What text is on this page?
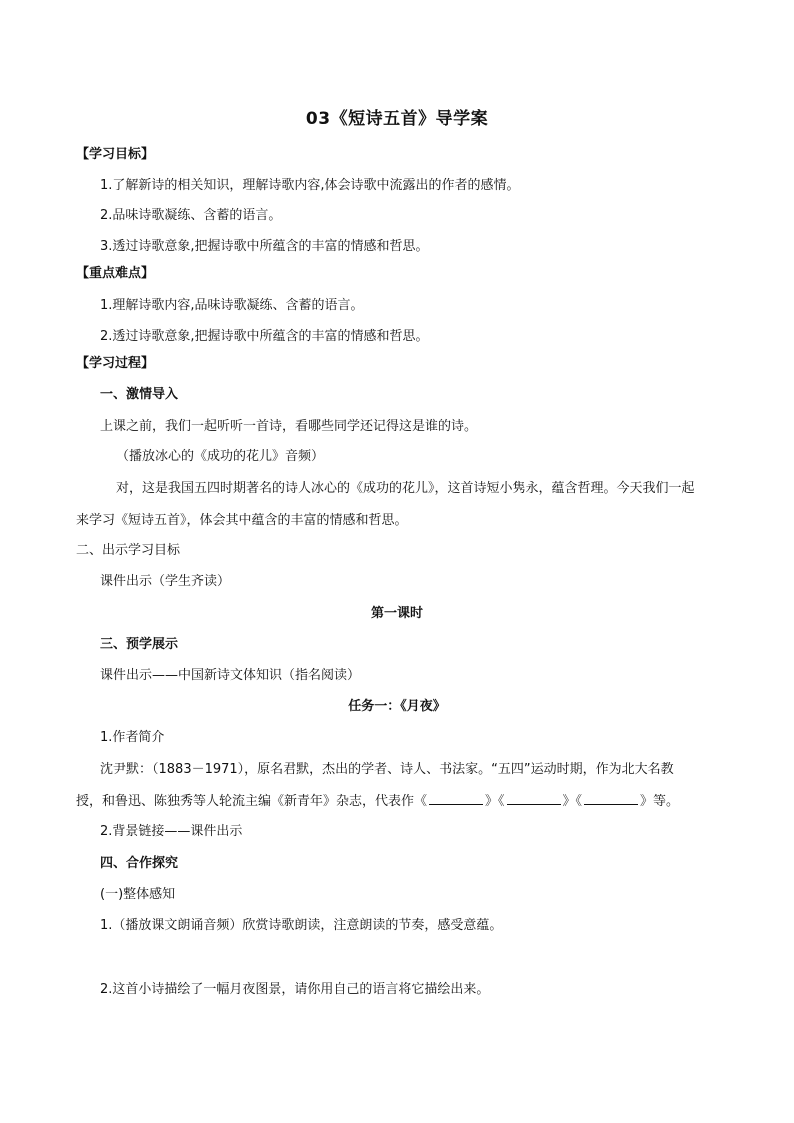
03《短诗五首》导学案
【学习目标】
1.了解新诗的相关知识，理解诗歌内容,体会诗歌中流露出的作者的感情。
2.品味诗歌凝练、含蓄的语言。
3.透过诗歌意象,把握诗歌中所蕴含的丰富的情感和哲思。
【重点难点】
1.理解诗歌内容,品味诗歌凝练、含蓄的语言。
2.透过诗歌意象,把握诗歌中所蕴含的丰富的情感和哲思。
【学习过程】
一、激情导入
上课之前，我们一起听听一首诗，看哪些同学还记得这是谁的诗。
（播放冰心的《成功的花儿》音频）
对，这是我国五四时期著名的诗人冰心的《成功的花儿》，这首诗短小隽永，蕴含哲理。今天我们一起
来学习《短诗五首》，体会其中蕴含的丰富的情感和哲思。
二、出示学习目标
课件出示（学生齐读）
第一课时
三、预学展示
课件出示——中国新诗文体知识（指名阅读）
任务一：《月夜》
1.作者简介
沈尹默：（1883－1971），原名君默，杰出的学者、诗人、书法家。“五四”运动时期，作为北大名教
授，和鲁迅、陈独秀等人轮流主编《新青年》杂志，代表作《	》《	》《	》等。
2.背景链接——课件出示
四、合作探究
(一)整体感知
1.（播放课文朗诵音频）欣赏诗歌朗读，注意朗读的节奏，感受意蕴。
2.这首小诗描绘了一幅月夜图景，请你用自己的语言将它描绘出来。
